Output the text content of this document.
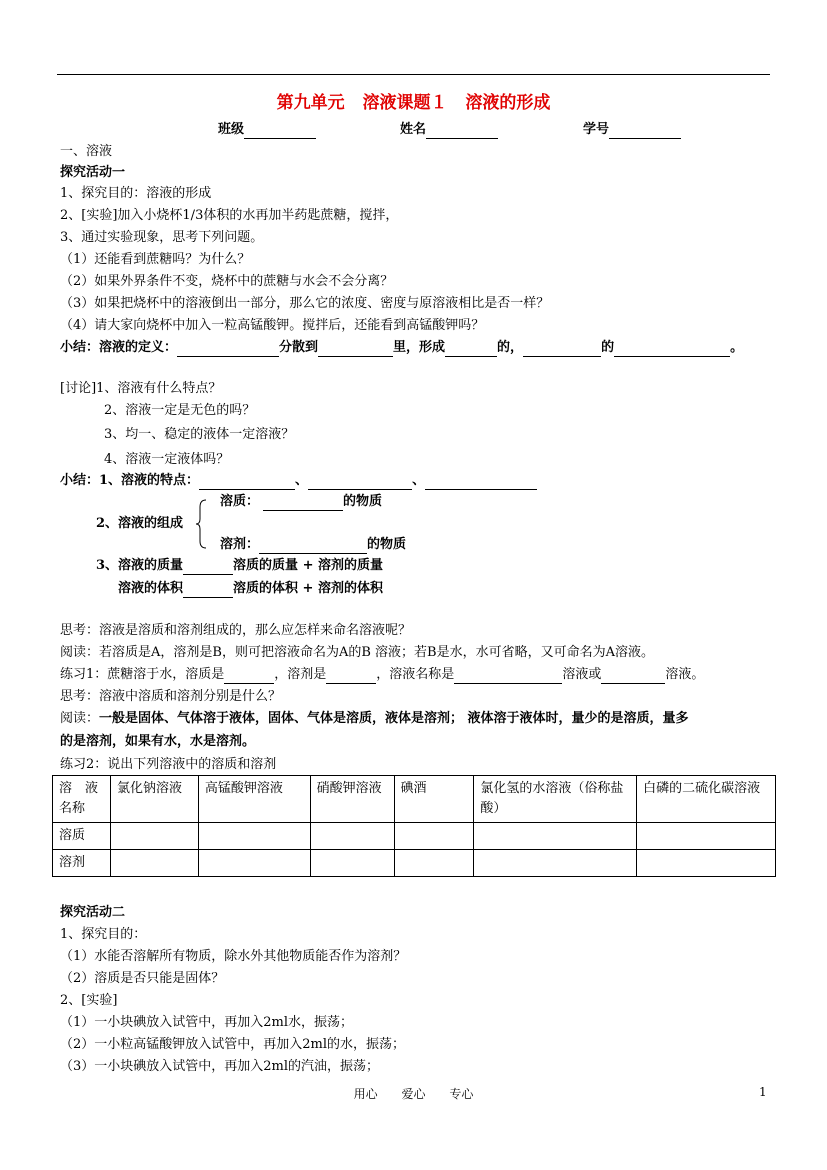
第九单元 溶液课题１ 溶液的形成
班级	姓名	学号
一、溶液
探究活动一
1、探究目的：溶液的形成
2、[实验]加入小烧杯1/3体积的水再加半药匙蔗糖，搅拌，
3、通过实验现象，思考下列问题。
（1）还能看到蔗糖吗？为什么？
（2）如果外界条件不变，烧杯中的蔗糖与水会不会分离？
（3）如果把烧杯中的溶液倒出一部分，那么它的浓度、密度与原溶液相比是否一样？
（4）请大家向烧杯中加入一粒高锰酸钾。搅拌后，还能看到高锰酸钾吗？
小结：溶液的定义：	分散到	里，形成	的，	的	。
[讨论]1、溶液有什么特点？
2、溶液一定是无色的吗？
3、均一、稳定的液体一定溶液？
4、溶液一定液体吗？
小结：1、溶液的特点：	、	、
溶质：	的物质
2、溶液的组成
溶剂：	的物质
3、溶液的质量	溶质的质量 + 溶剂的质量
溶液的体积	溶质的体积 + 溶剂的体积
思考：溶液是溶质和溶剂组成的，那么应怎样来命名溶液呢？
阅读：若溶质是A，溶剂是B，则可把溶液命名为A的B 溶液；若B是水，水可省略，又可命名为A溶液。
练习1：蔗糖溶于水，溶质是	，溶剂是	，溶液名称是	溶液或	溶液。
思考：溶液中溶质和溶剂分别是什么？
阅读：一般是固体、气体溶于液体，固体、气体是溶质，液体是溶剂； 液体溶于液体时，量少的是溶质，量多
的是溶剂，如果有水，水是溶剂。
练习2：说出下列溶液中的溶质和溶剂
溶　液　名称	氯化钠溶液	高锰酸钾溶液	硝酸钾溶液	碘酒	氯化氢的水溶液（俗称盐酸）	白磷的二硫化碳溶液
溶质						
溶剂						
探究活动二
1、探究目的：
（1）水能否溶解所有物质，除水外其他物质能否作为溶剂？
（2）溶质是否只能是固体？
2、[实验]
（1）一小块碘放入试管中，再加入2ml水，振荡；
（2）一小粒高锰酸钾放入试管中，再加入2ml的水，振荡；
（3）一小块碘放入试管中，再加入2ml的汽油，振荡；
用心 爱心 专心	1
